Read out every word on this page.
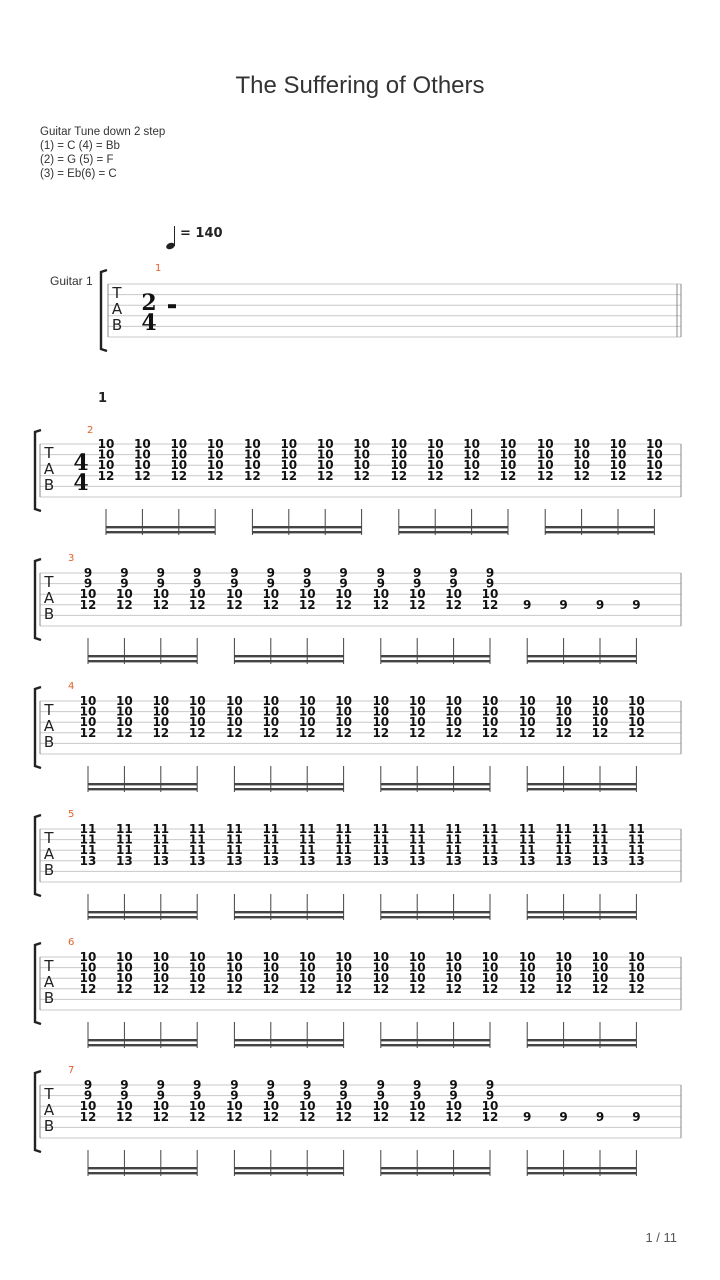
The Suffering of Others
Guitar Tune down 2 step
(1) = C (4) = Bb
(2) = G (5) = F
(3) = Eb(6) = C
= 140
Guitar 1
1
1 / 11
T
A
B
1
2
4
T
A
B
2
4
4
10
10
10
12
10
10
10
12
10
10
10
12
10
10
10
12
10
10
10
12
10
10
10
12
10
10
10
12
10
10
10
12
10
10
10
12
10
10
10
12
10
10
10
12
10
10
10
12
10
10
10
12
10
10
10
12
10
10
10
12
10
10
10
12
T
A
B
3
9
9
10
12
9
9
10
12
9
9
10
12
9
9
10
12
9
9
10
12
9
9
10
12
9
9
10
12
9
9
10
12
9
9
10
12
9
9
10
12
9
9
10
12
9
9
10
12 9 9 9 9
T
A
B
4
10
10
10
12
10
10
10
12
10
10
10
12
10
10
10
12
10
10
10
12
10
10
10
12
10
10
10
12
10
10
10
12
10
10
10
12
10
10
10
12
10
10
10
12
10
10
10
12
10
10
10
12
10
10
10
12
10
10
10
12
10
10
10
12
T
A
B
5
11
11
11
13
11
11
11
13
11
11
11
13
11
11
11
13
11
11
11
13
11
11
11
13
11
11
11
13
11
11
11
13
11
11
11
13
11
11
11
13
11
11
11
13
11
11
11
13
11
11
11
13
11
11
11
13
11
11
11
13
11
11
11
13
T
A
B
6
10
10
10
12
10
10
10
12
10
10
10
12
10
10
10
12
10
10
10
12
10
10
10
12
10
10
10
12
10
10
10
12
10
10
10
12
10
10
10
12
10
10
10
12
10
10
10
12
10
10
10
12
10
10
10
12
10
10
10
12
10
10
10
12
T
A
B
7
9
9
10
12
9
9
10
12
9
9
10
12
9
9
10
12
9
9
10
12
9
9
10
12
9
9
10
12
9
9
10
12
9
9
10
12
9
9
10
12
9
9
10
12
9
9
10
12 9 9 9 9
